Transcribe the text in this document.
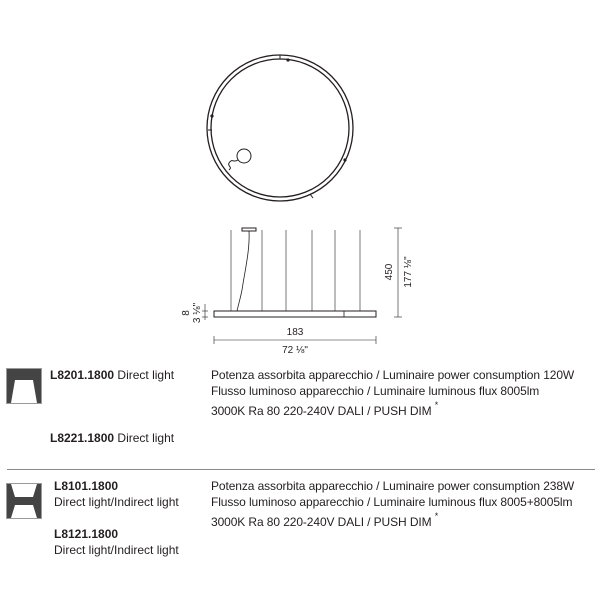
183
72 ⅛"
450 177 ⅛"
8 3 ⅛"
L8201.1800 Direct light
L8221.1800 Direct light
Potenza assorbita apparecchio / Luminaire power consumption 120W
Flusso luminoso apparecchio / Luminaire luminous flux 8005lm
3000K Ra 80 220-240V DALI / PUSH DIM *
L8101.1800
Direct light/Indirect light
L8121.1800
Direct light/Indirect light
Potenza assorbita apparecchio / Luminaire power consumption 238W
Flusso luminoso apparecchio / Luminaire luminous flux 8005+8005lm
3000K Ra 80 220-240V DALI / PUSH DIM *
